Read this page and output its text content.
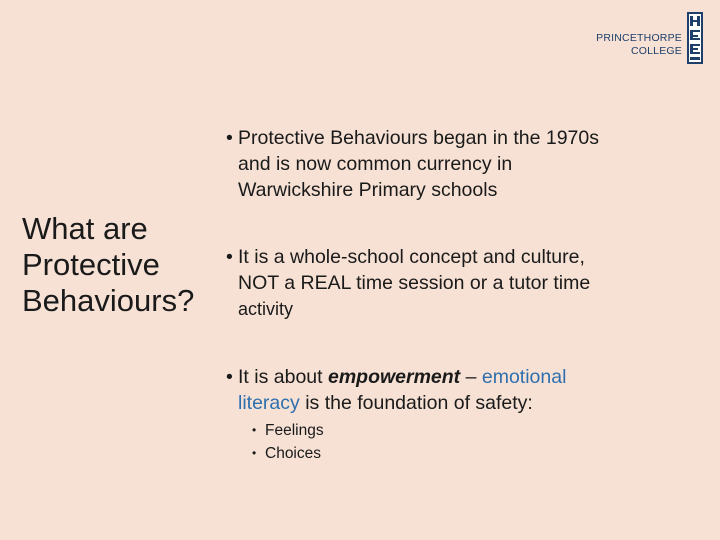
PRINCETHORPE
COLLEGE
What are
Protective
Behaviours?
• Protective Behaviours began in the 1970s
and is now common currency in
Warwickshire Primary schools
• It is a whole-school concept and culture,
NOT a REAL time session or a tutor time
activity
• It is about empowerment – emotional
literacy is the foundation of safety:
• Feelings
• Choices
